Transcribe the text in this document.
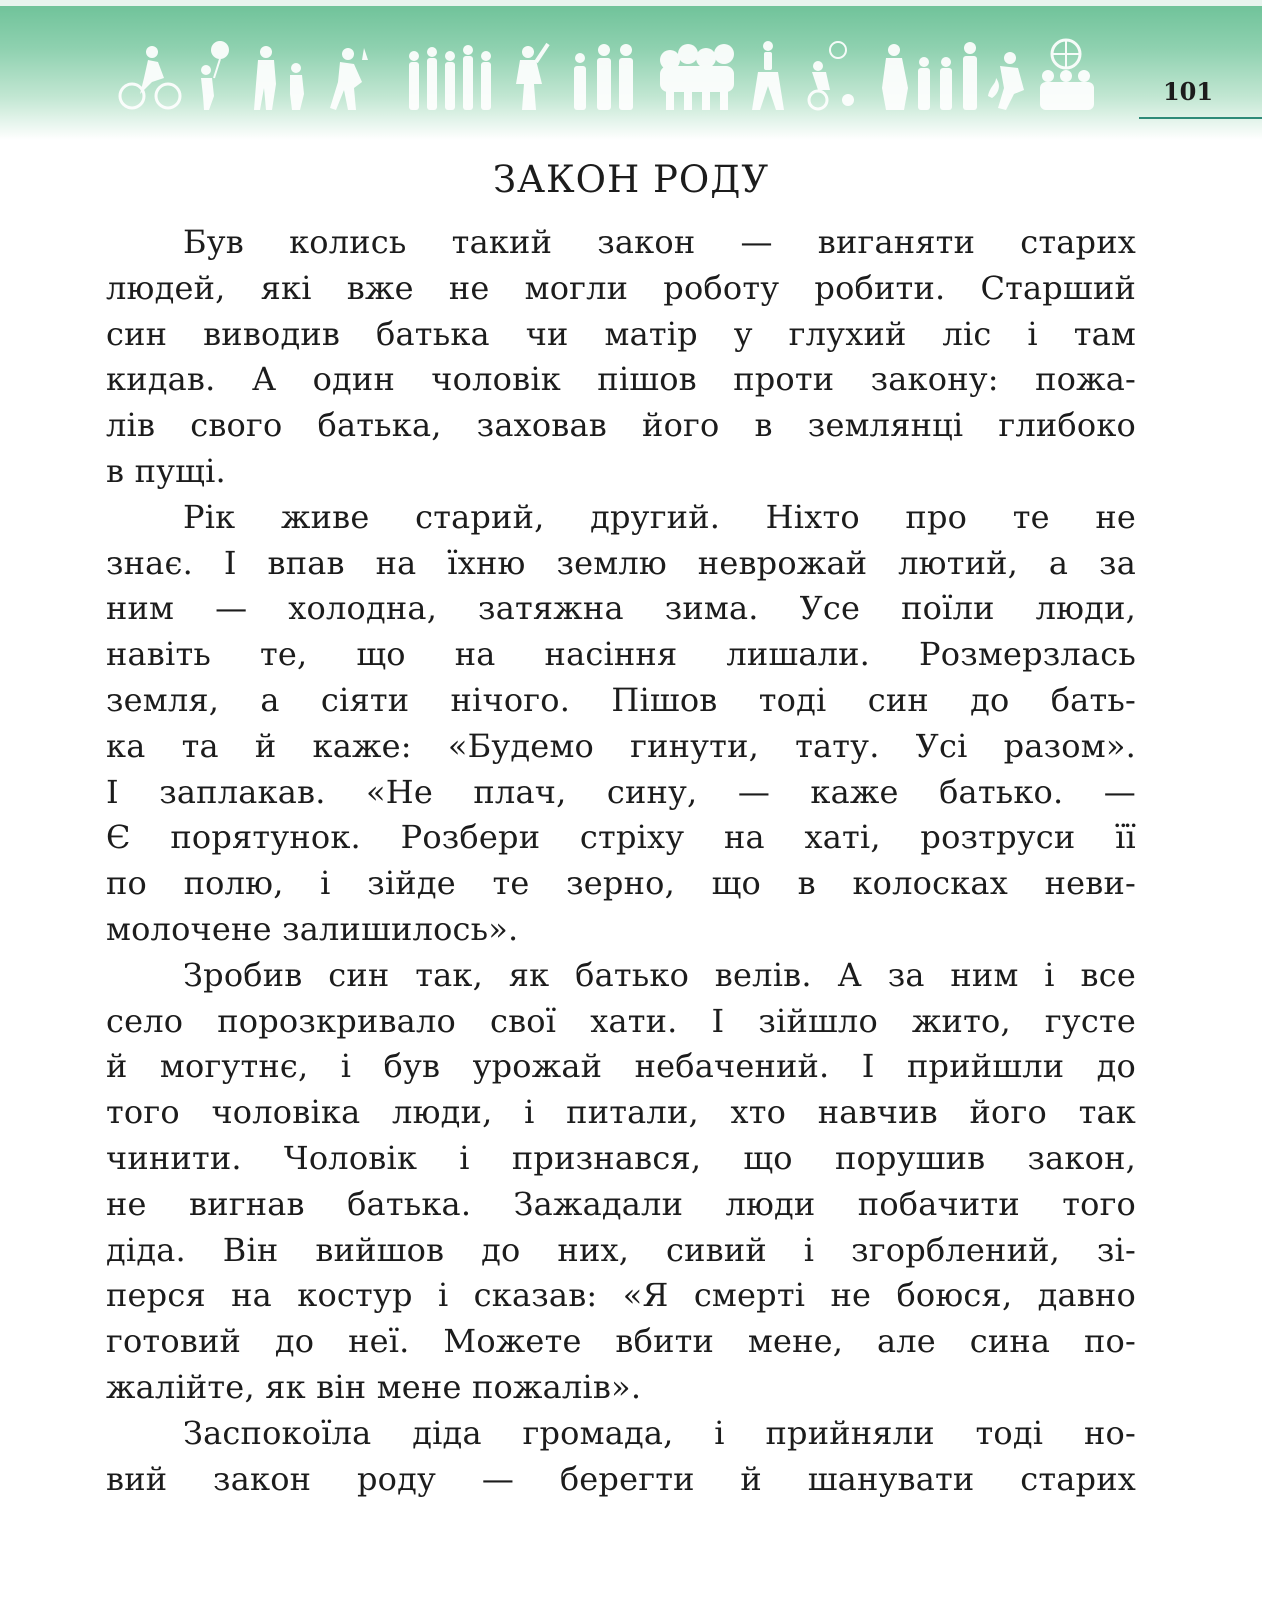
101
ЗАКОН РОДУ

Був колись такий закон — виганяти старих

людей, які вже не могли роботу робити. Старший

син виводив батька чи матір у глухий ліс і там

кидав. А один чоловік пішов проти закону: пожа-

лів свого батька, заховав його в землянці глибоко

в пущі.

Рік живе старий, другий. Ніхто про те не

знає. І впав на їхню землю неврожай лютий, а за

ним — холодна, затяжна зима. Усе поїли люди,

навіть те, що на насіння лишали. Розмерзлась

земля, а сіяти нічого. Пішов тоді син до бать-

ка та й каже: «Будемо гинути, тату. Усі разом».

І заплакав. «Не плач, сину, — каже батько. —

Є порятунок. Розбери стріху на хаті, розтруси її

по полю, і зійде те зерно, що в колосках неви-

молочене залишилось».

Зробив син так, як батько велів. А за ним і все

село порозкривало свої хати. І зійшло жито, густе

й могутнє, і був урожай небачений. І прийшли до

того чоловіка люди, і питали, хто навчив його так

чинити. Чоловік і признався, що порушив закон,

не вигнав батька. Зажадали люди побачити того

діда. Він вийшов до них, сивий і згорблений, зі-

перся на костур і сказав: «Я смерті не боюся, давно

готовий до неї. Можете вбити мене, але сина по-

жалійте, як він мене пожалів».

Заспокоїла діда громада, і прийняли тоді но-

вий закон роду — берегти й шанувати старих
